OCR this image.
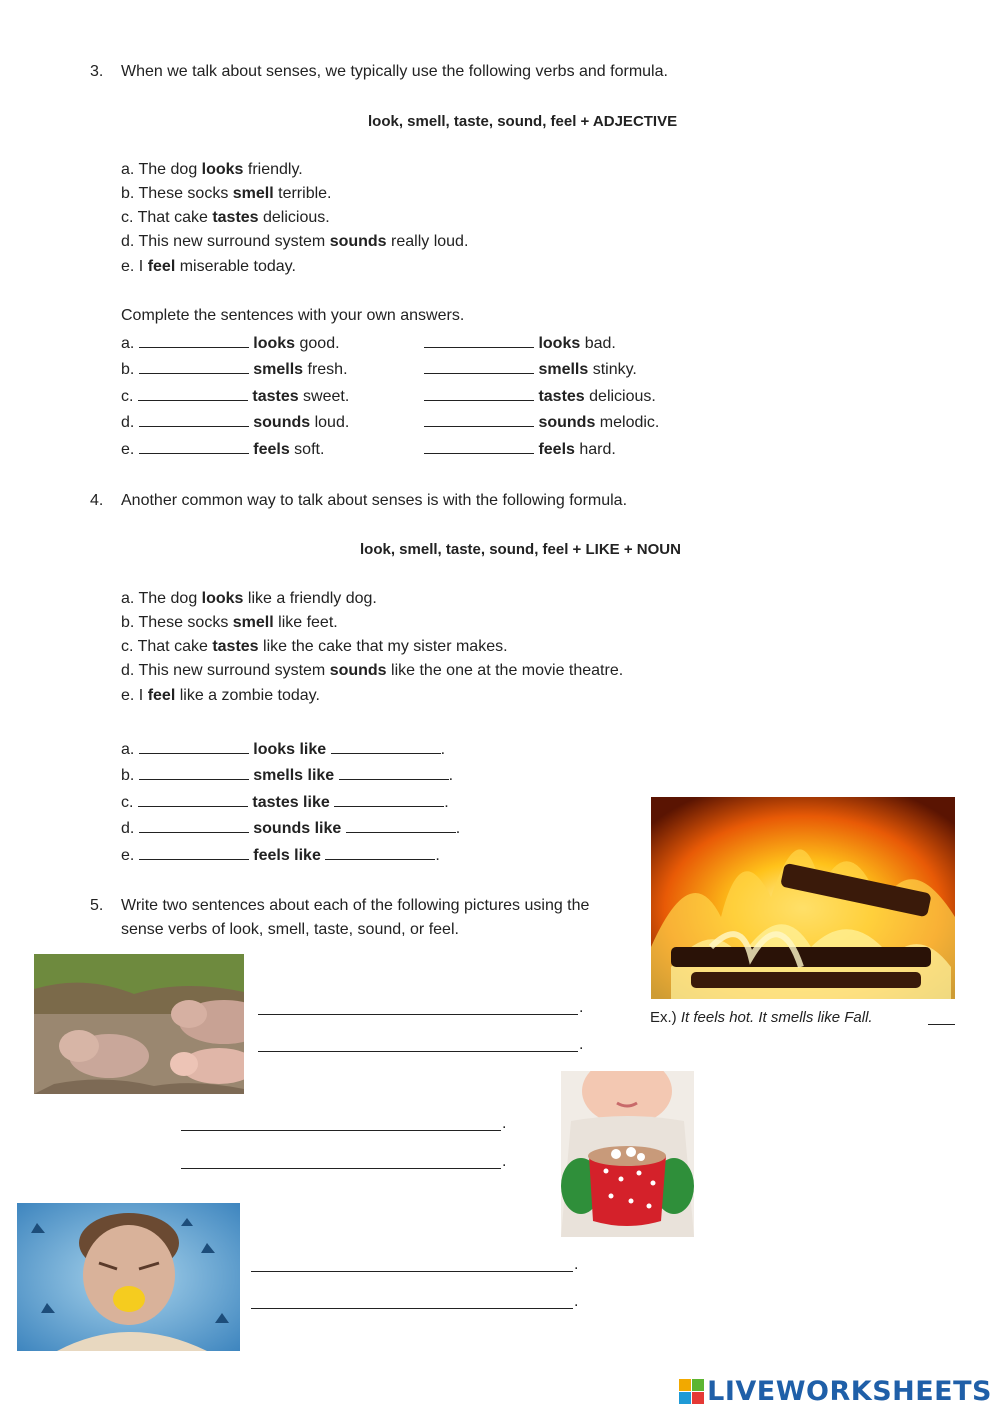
3. When we talk about senses, we typically use the following verbs and formula.
look, smell, taste, sound, feel + ADJECTIVE
a. The dog looks friendly.
b. These socks smell terrible.
c. That cake tastes delicious.
d. This new surround system sounds really loud.
e. I feel miserable today.
Complete the sentences with your own answers.
a.	looks good.	looks bad.
b.	smells fresh.	smells stinky.
c.	tastes sweet.	tastes delicious.
d.	sounds loud.	sounds melodic.
e.	feels soft.	feels hard.
4. Another common way to talk about senses is with the following formula.
look, smell, taste, sound, feel + LIKE + NOUN
a. The dog looks like a friendly dog.
b. These socks smell like feet.
c. That cake tastes like the cake that my sister makes.
d. This new surround system sounds like the one at the movie theatre.
e. I feel like a zombie today.
a.	looks like	.
b.	smells like	.
c.	tastes like	.
d.	sounds like	.
e.	feels like	.
5. Write two sentences about each of the following pictures using the
sense verbs of look, smell, taste, sound, or feel.
Ex.) It feels hot. It smells like Fall.
.
.
.
.
.
.
LIVEWORKSHEETS
